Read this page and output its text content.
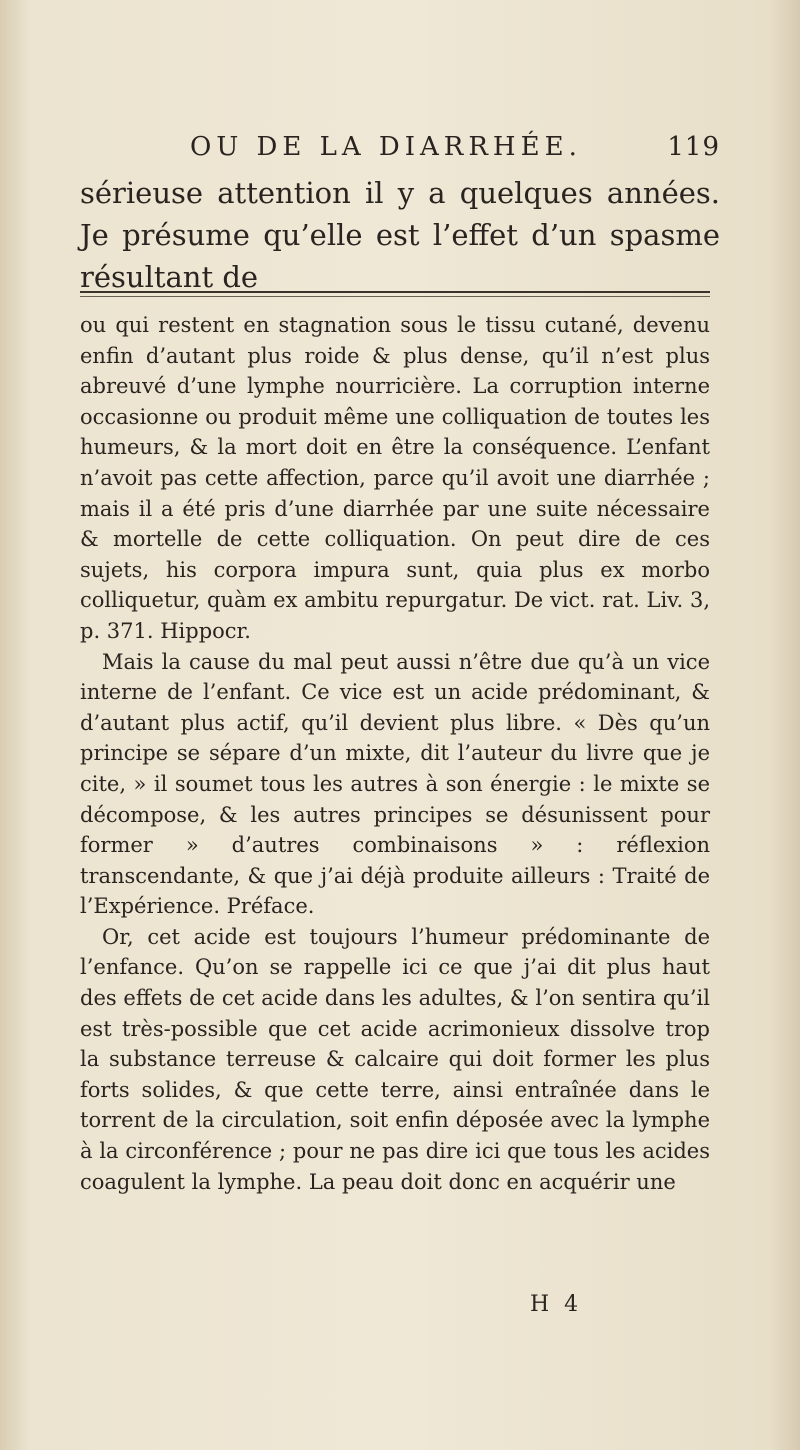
OU DE LA DIARRHÉE.	119

sérieuse attention il y a quelques années. Je présume qu’elle est l’effet d’un spasme résultant de

ou qui restent en stagnation sous le tissu cutané, devenu enfin d’autant plus roide & plus dense, qu’il n’est plus abreuvé d’une lymphe nourricière. La corruption interne occasionne ou produit même une colliquation de toutes les humeurs, & la mort doit en être la conséquence. L’enfant n’avoit pas cette affection, parce qu’il avoit une diarrhée ; mais il a été pris d’une diarrhée par une suite nécessaire & mortelle de cette colliquation. On peut dire de ces sujets, his corpora impura sunt, quia plus ex morbo colliquetur, quàm ex ambitu repurgatur. De vict. rat. Liv. 3, p. 371. Hippocr.

Mais la cause du mal peut aussi n’être due qu’à un vice interne de l’enfant. Ce vice est un acide prédominant, & d’autant plus actif, qu’il devient plus libre. « Dès qu’un principe se sépare d’un mixte, dit l’auteur du livre que je cite, » il soumet tous les autres à son énergie : le mixte se décompose, & les autres principes se désunissent pour former » d’autres combinaisons » : réflexion transcendante, & que j’ai déjà produite ailleurs : Traité de l’Expérience. Préface.

Or, cet acide est toujours l’humeur prédominante de l’enfance. Qu’on se rappelle ici ce que j’ai dit plus haut des effets de cet acide dans les adultes, & l’on sentira qu’il est très-possible que cet acide acrimonieux dissolve trop la substance terreuse & calcaire qui doit former les plus forts solides, & que cette terre, ainsi entraînée dans le torrent de la circulation, soit enfin déposée avec la lymphe à la circonférence ; pour ne pas dire ici que tous les acides coagulent la lymphe. La peau doit donc en acquérir une

H 4
